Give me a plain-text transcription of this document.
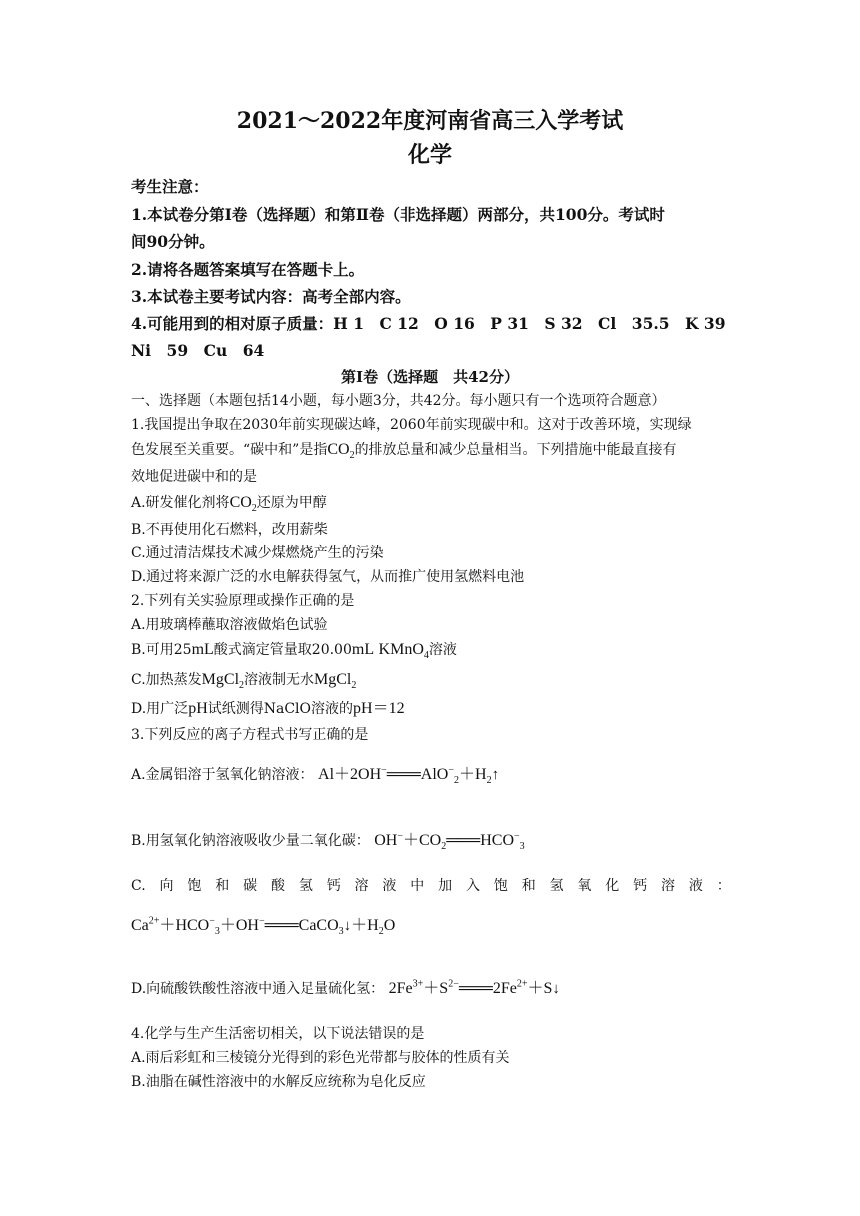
2021～2022年度河南省高三入学考试
化学
考生注意：
1.本试卷分第Ⅰ卷（选择题）和第Ⅱ卷（非选择题）两部分，共100分。考试时
间90分钟。
2.请将各题答案填写在答题卡上。
3.本试卷主要考试内容：高考全部内容。
4.可能用到的相对原子质量：H 1　C 12　O 16　P 31　S 32　Cl　35.5　K 39
Ni　59　Cu　64
第Ⅰ卷（选择题　共42分）
一、选择题（本题包括14小题，每小题3分，共42分。每小题只有一个选项符合题意）
1.我国提出争取在2030年前实现碳达峰，2060年前实现碳中和。这对于改善环境，实现绿
色发展至关重要。“碳中和”是指$CO_2$的排放总量和减少总量相当。下列措施中能最直接有
效地促进碳中和的是
A.研发催化剂将$CO_2$还原为甲醇
B.不再使用化石燃料，改用薪柴
C.通过清洁煤技术减少煤燃烧产生的污染
D.通过将来源广泛的水电解获得氢气，从而推广使用氢燃料电池
2.下列有关实验原理或操作正确的是
A.用玻璃棒蘸取溶液做焰色试验
B.可用25mL酸式滴定管量取20.00mL KMnO$_4$溶液
C.加热蒸发MgCl$_2$溶液制无水MgCl$_2$
D.用广泛pH试纸测得NaClO溶液的pH＝12
3.下列反应的离子方程式书写正确的是
A.金属铝溶于氢氧化钠溶液： $Al+2OH^-═══AlO^-_2+H_2↑$
B.用氢氧化钠溶液吸收少量二氧化碳： $OH^-+CO_2═══HCO^-_3$
C. 向 饱 和 碳 酸 氢 钙 溶 液 中 加 入 饱 和 氢 氧 化 钙 溶 液 ：
$Ca^{2+}+HCO^-_3+OH^-═══CaCO_3↓+H_2O$
D.向硫酸铁酸性溶液中通入足量硫化氢： $2Fe^{3+}+S^{2-}═══2Fe^{2+}+S↓$
4.化学与生产生活密切相关，以下说法错误的是
A.雨后彩虹和三棱镜分光得到的彩色光带都与胶体的性质有关
B.油脂在碱性溶液中的水解反应统称为皂化反应
